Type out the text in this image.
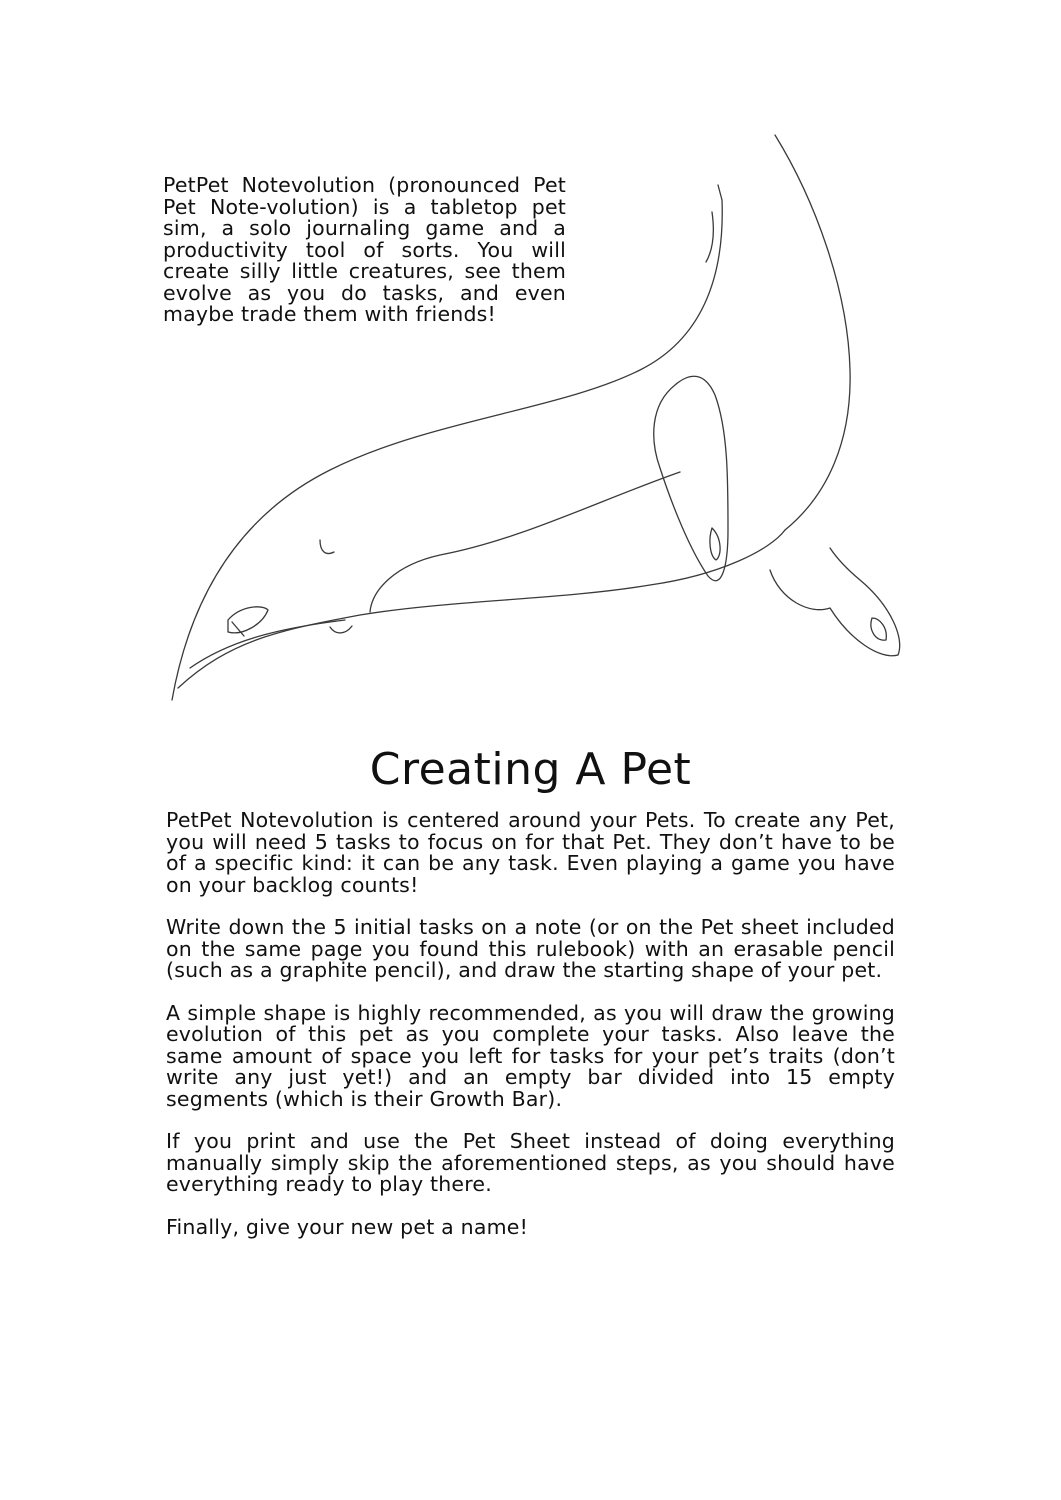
PetPet Notevolution (pronounced Pet Pet Note-volution) is a tabletop pet sim, a solo journaling game and a productivity tool of sorts. You will create silly little creatures, see them evolve as you do tasks, and even maybe trade them with friends!

Creating A Pet

PetPet Notevolution is centered around your Pets. To create any Pet, you will need 5 tasks to focus on for that Pet. They don’t have to be of a specific kind: it can be any task. Even playing a game you have on your backlog counts!

Write down the 5 initial tasks on a note (or on the Pet sheet included on the same page you found this rulebook) with an erasable pencil (such as a graphite pencil), and draw the starting shape of your pet.

A simple shape is highly recommended, as you will draw the growing evolution of this pet as you complete your tasks. Also leave the same amount of space you left for tasks for your pet’s traits (don’t write any just yet!) and an empty bar divided into 15 empty segments (which is their Growth Bar).

If you print and use the Pet Sheet instead of doing everything manually simply skip the aforementioned steps, as you should have everything ready to play there.

Finally, give your new pet a name!
